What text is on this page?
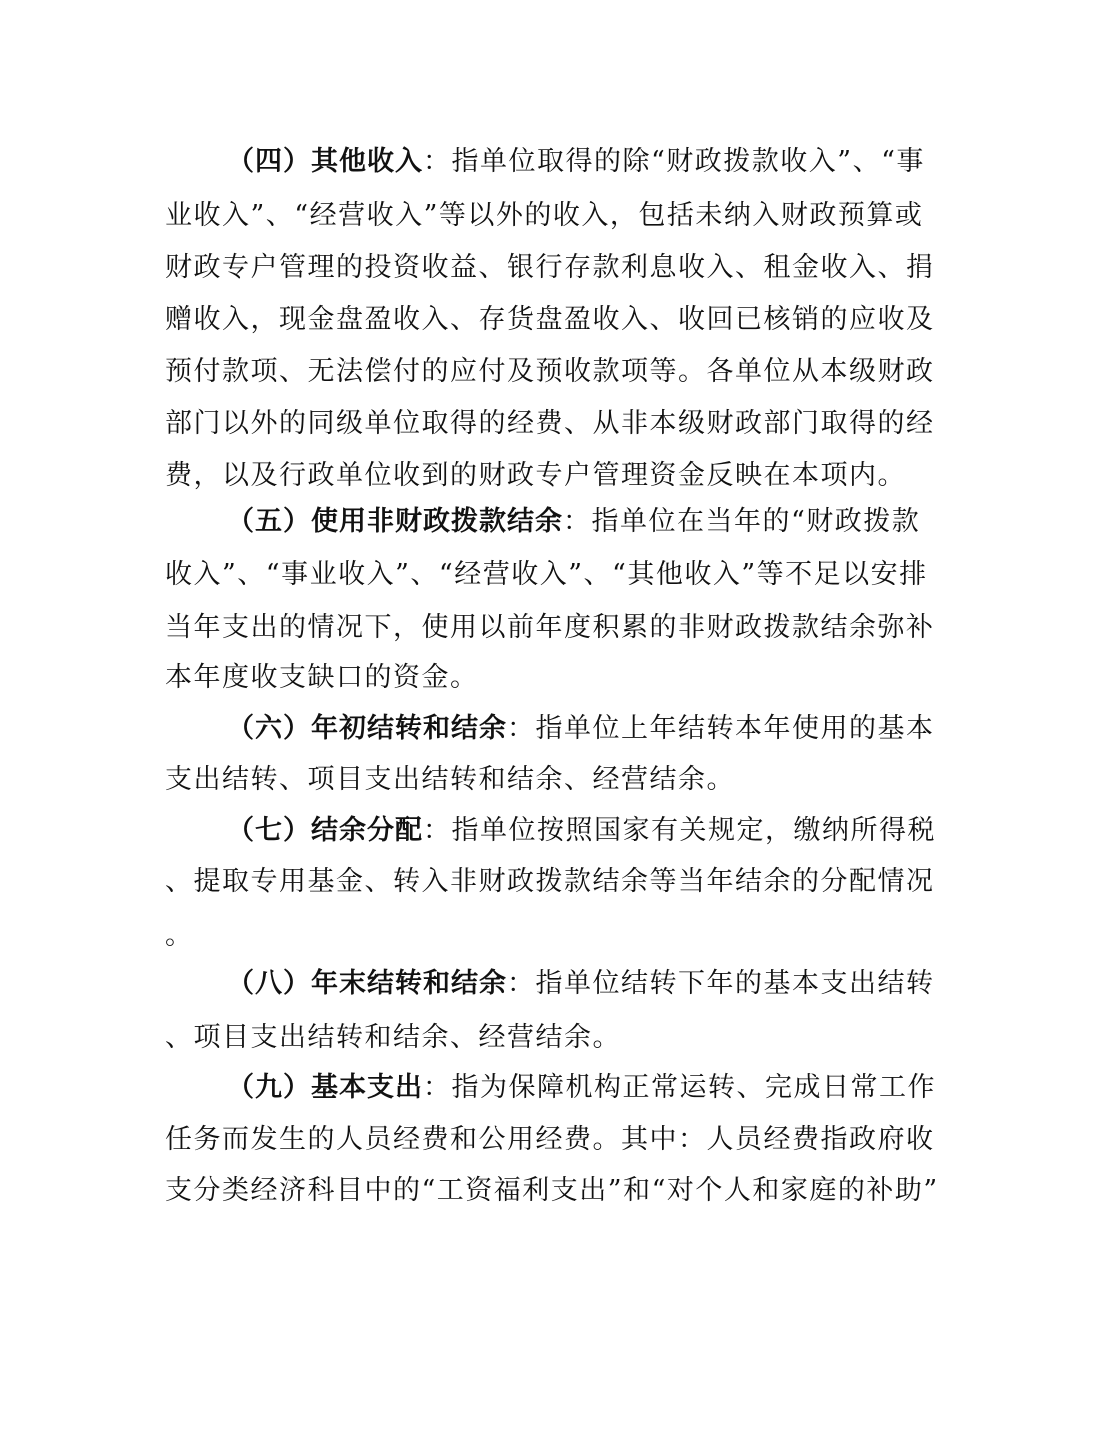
（四）其他收入：指单位取得的除“财政拨款收入”、“事
业收入”、“经营收入”等以外的收入，包括未纳入财政预算或
财政专户管理的投资收益、银行存款利息收入、租金收入、捐
赠收入，现金盘盈收入、存货盘盈收入、收回已核销的应收及
预付款项、无法偿付的应付及预收款项等。各单位从本级财政
部门以外的同级单位取得的经费、从非本级财政部门取得的经
费，以及行政单位收到的财政专户管理资金反映在本项内。
（五）使用非财政拨款结余：指单位在当年的“财政拨款
收入”、“事业收入”、“经营收入”、“其他收入”等不足以安排
当年支出的情况下，使用以前年度积累的非财政拨款结余弥补
本年度收支缺口的资金。
（六）年初结转和结余：指单位上年结转本年使用的基本
支出结转、项目支出结转和结余、经营结余。
（七）结余分配：指单位按照国家有关规定，缴纳所得税
、提取专用基金、转入非财政拨款结余等当年结余的分配情况
。
（八）年末结转和结余：指单位结转下年的基本支出结转
、项目支出结转和结余、经营结余。
（九）基本支出：指为保障机构正常运转、完成日常工作
任务而发生的人员经费和公用经费。其中：人员经费指政府收
支分类经济科目中的“工资福利支出”和“对个人和家庭的补助”
